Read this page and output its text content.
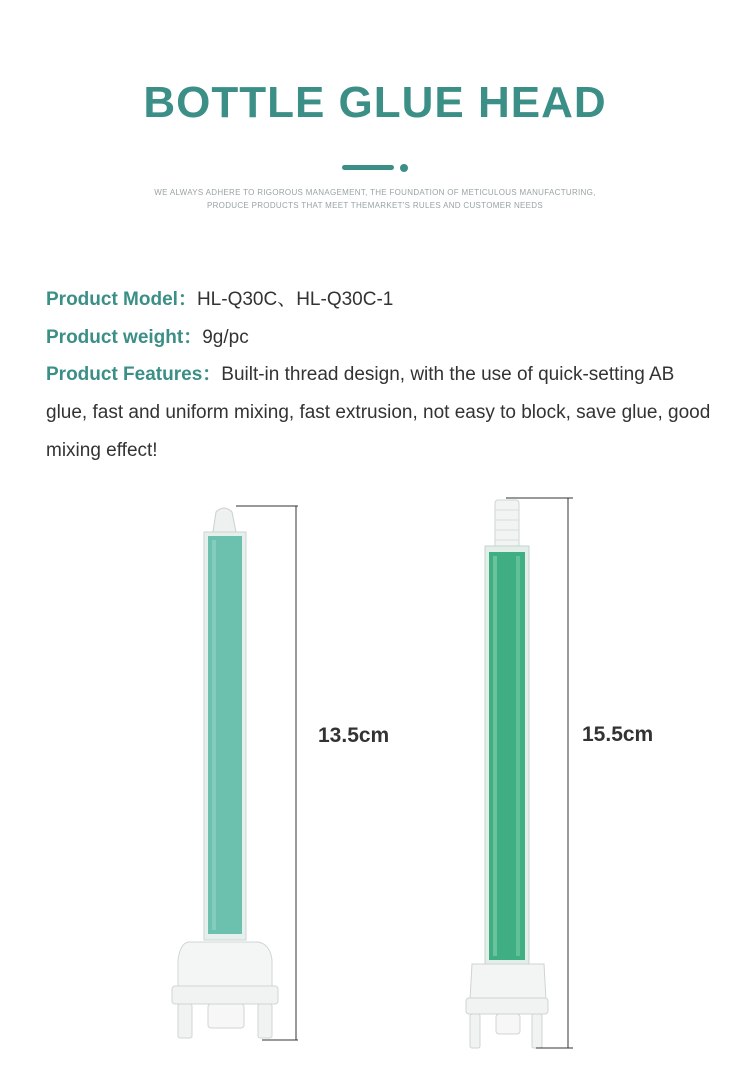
BOTTLE GLUE HEAD
WE ALWAYS ADHERE TO RIGOROUS MANAGEMENT, THE FOUNDATION OF METICULOUS MANUFACTURING,
PRODUCE PRODUCTS THAT MEET THEMARKET'S RULES AND CUSTOMER NEEDS
Product Model：HL-Q30C、HL-Q30C-1
Product weight：9g/pc
Product Features：Built-in thread design, with the use of quick-setting AB glue, fast and uniform mixing, fast extrusion, not easy to block, save glue, good mixing effect!
13.5cm	15.5cm
